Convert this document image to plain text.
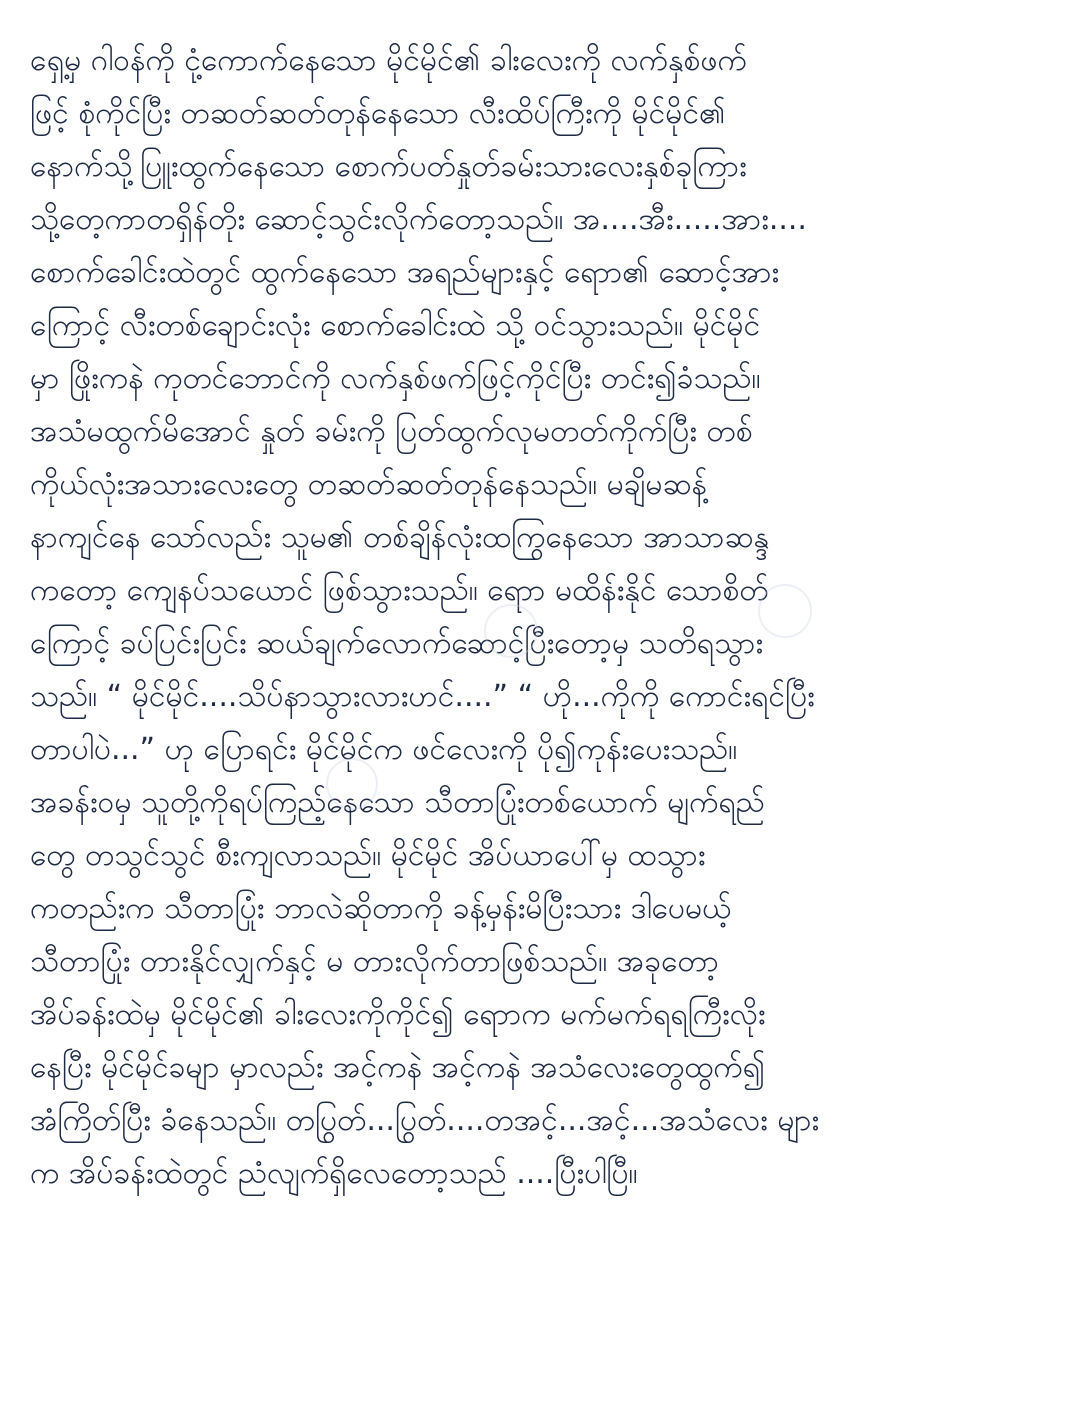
ရှေ့မှ ဂါဝန်ကို ငုံ့ကောက်နေသော မိုင်မိုင်၏ ခါးလေးကို လက်နှစ်ဖက်
ဖြင့် စုံကိုင်ပြီး တဆတ်ဆတ်တုန်နေသော လီးထိပ်ကြီးကို မိုင်မိုင်၏
နောက်သို့ပြူးထွက်နေသော စောက်ပတ်နှုတ်ခမ်းသားလေးနှစ်ခုကြား
သို့တေ့ကာတရှိန်တိုး ဆောင့်သွင်းလိုက်တော့သည်။ အ....အီး.....အား....
စောက်ခေါင်းထဲတွင် ထွက်နေသော အရည်များနှင့် ရောာ၏ ဆောင့်အား
ကြောင့် လီးတစ်ချောင်းလုံး စောက်ခေါင်းထဲ သို့ ဝင်သွားသည်။ မိုင်မိုင်
မှာ ဖြိုးကနဲ ကုတင်ဘောင်ကို လက်နှစ်ဖက်ဖြင့်ကိုင်ပြီး တင်း၍ခံသည်။
အသံမထွက်မိအောင် နှုတ် ခမ်းကို ပြတ်ထွက်လုမတတ်ကိုက်ပြီး တစ်
ကိုယ်လုံးအသားလေးတွေ တဆတ်ဆတ်တုန်နေသည်။ မချိမဆန့်
နာကျင်နေ သော်လည်း သူမ၏ တစ်ချိန်လုံးထကြွနေသော အာသာဆန္ဒ
ကတော့ ကျေနပ်သယောင် ဖြစ်သွားသည်။ ရောာ မထိန်းနိုင် သောစိတ်
ကြောင့် ခပ်ပြင်းပြင်း ဆယ်ချက်လောက်ဆောင့်ပြီးတော့မှ သတိရသွား
သည်။ “ မိုင်မိုင်....သိပ်နာသွားလားဟင်....” “ ဟို...ကိုကို ကောင်းရင်ပြီး
တာပါပဲ...” ဟု ပြောရင်း မိုင်မိုင်က ဖင်လေးကို ပို၍ကုန်းပေးသည်။
အခန်းဝမှ သူတို့ကိုရပ်ကြည့်နေသော သီတာပြုံးတစ်ယောက် မျက်ရည်
တွေ တသွင်သွင် စီးကျလာသည်။ မိုင်မိုင် အိပ်ယာပေါ်မှ ထသွား
ကတည်းက သီတာပြုံး ဘာလဲဆိုတာကို ခန့်မှန်းမိပြီးသား ဒါပေမယ့်
သီတာပြုံး တားနိုင်လျှက်နှင့် မ တားလိုက်တာဖြစ်သည်။ အခုတော့
အိပ်ခန်းထဲမှ မိုင်မိုင်၏ ခါးလေးကိုကိုင်၍ ရောာက မက်မက်ရရကြီးလိုး
နေပြီး မိုင်မိုင်ခမျာ မှာလည်း အင့်ကနဲ အင့်ကနဲ အသံလေးတွေထွက်၍
အံကြိတ်ပြီး ခံနေသည်။ တပြွတ်...ပြွတ်....တအင့်...အင့်...အသံလေး များ
က အိပ်ခန်းထဲတွင် ညံလျက်ရှိလေတော့သည် ....ပြီးပါပြီ။
